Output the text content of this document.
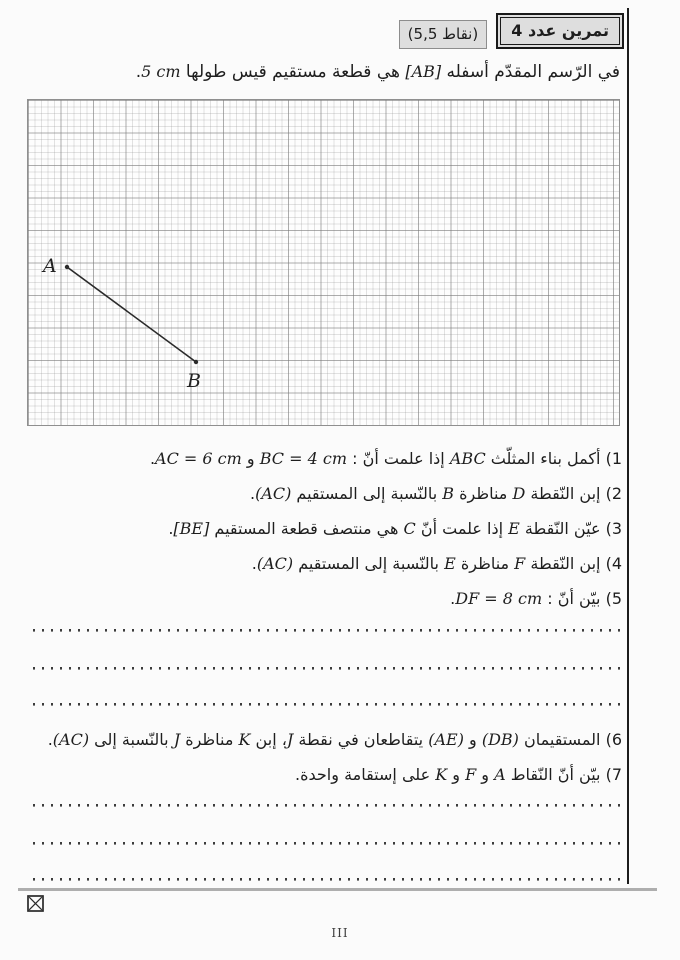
تمرين عدد 4
(5,5 نقاط)
في الرّسم المقدّم أسفله [AB] هي قطعة مستقيم قيس طولها 5 cm.
A
B
1) أكمل بناء المثلّث ABC إذا علمت أنّ : BC = 4 cm و AC = 6 cm.
2) إبن النّقطة D مناظرة B بالنّسبة إلى المستقيم (AC).
3) عيّن النّقطة E إذا علمت أنّ C هي منتصف قطعة المستقيم [BE].
4) إبن النّقطة F مناظرة E بالنّسبة إلى المستقيم (AC).
5) بيّن أنّ : DF = 8 cm.
6) المستقيمان (DB) و (AE) يتقاطعان في نقطة J، إبن K مناظرة J بالنّسبة إلى (AC).
7) بيّن أنّ النّقاط A و F و K على إستقامة واحدة.
III
